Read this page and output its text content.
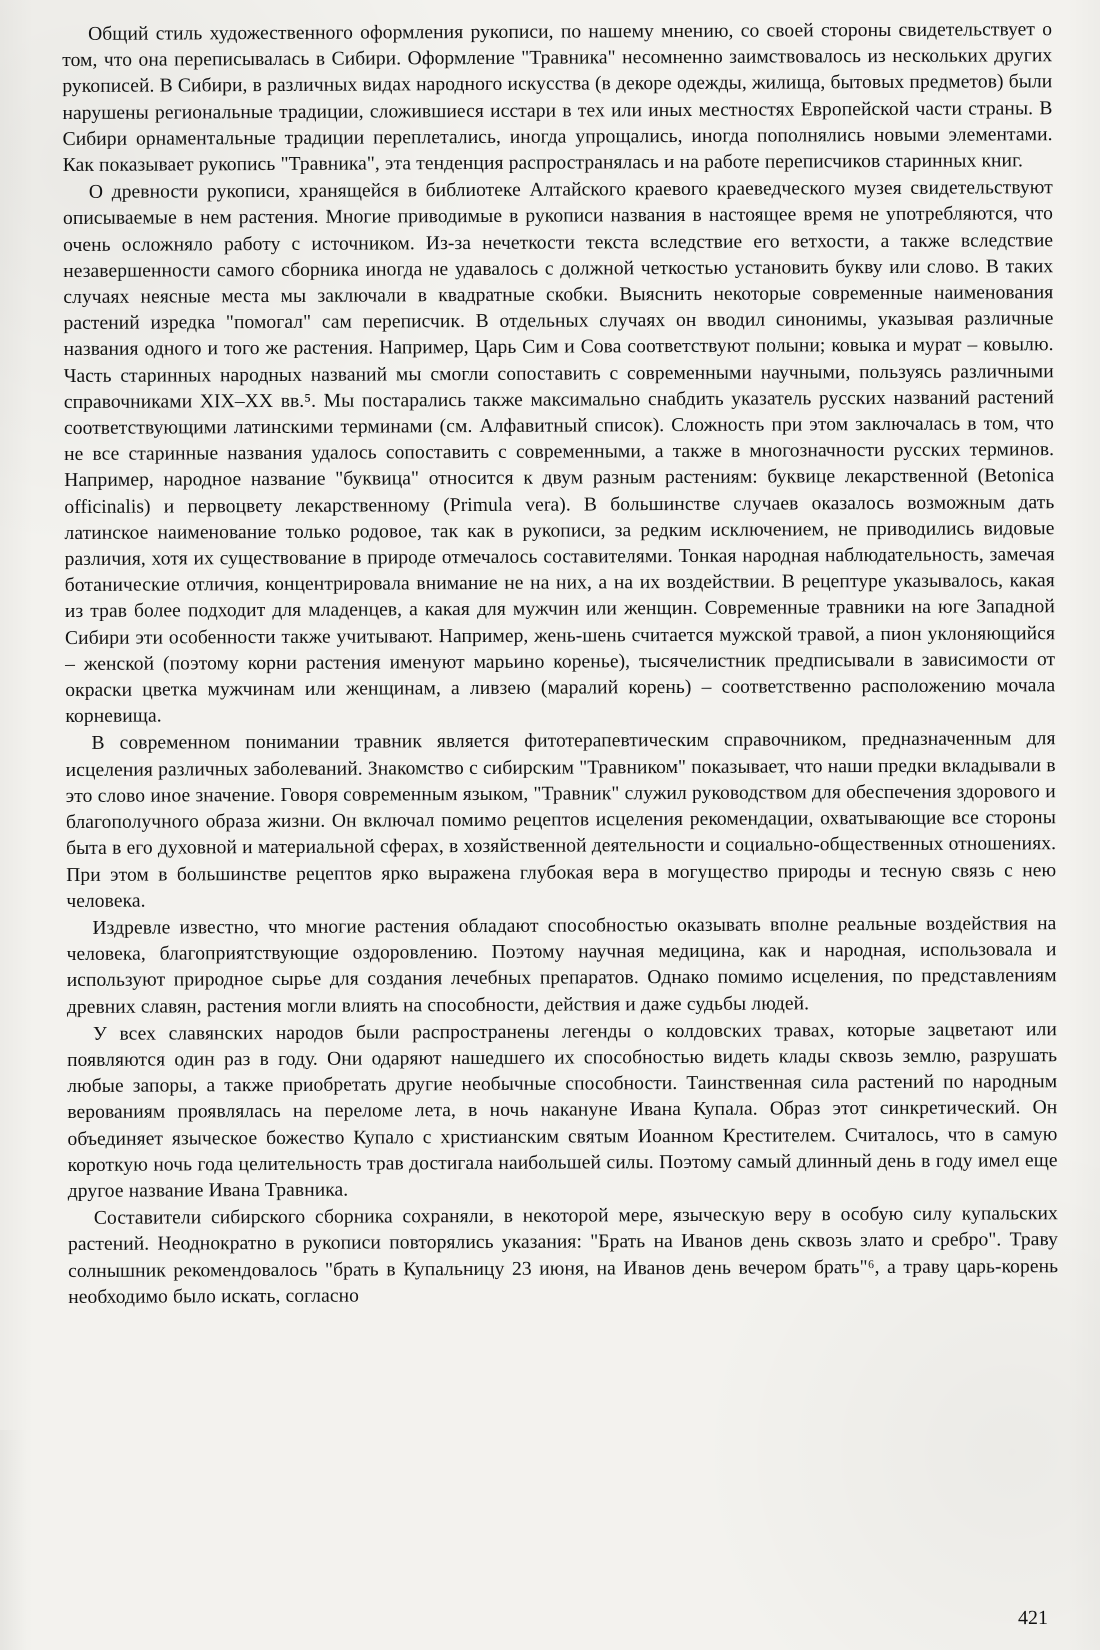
Общий стиль художественного оформления рукописи, по нашему мнению, со своей стороны свидетельствует о том, что она переписывалась в Сибири. Оформление "Травника" несомненно заимствовалось из нескольких других рукописей. В Сибири, в различных видах народного искусства (в декоре одежды, жилища, бытовых предметов) были нарушены региональные традиции, сложившиеся исстари в тех или иных местностях Европейской части страны. В Сибири орнаментальные традиции переплетались, иногда упрощались, иногда пополнялись новыми элементами. Как показывает рукопись "Травника", эта тенденция распространялась и на работе переписчиков старинных книг.

О древности рукописи, хранящейся в библиотеке Алтайского краевого краеведческого музея свидетельствуют описываемые в нем растения. Многие приводимые в рукописи названия в настоящее время не употребляются, что очень осложняло работу с источником. Из-за нечеткости текста вследствие его ветхости, а также вследствие незавершенности самого сборника иногда не удавалось с должной четкостью установить букву или слово. В таких случаях неясные места мы заключали в квадратные скобки. Выяснить некоторые современные наименования растений изредка "помогал" сам переписчик. В отдельных случаях он вводил синонимы, указывая различные названия одного и того же растения. Например, Царь Сим и Сова соответствуют полыни; ковыка и мурат – ковылю. Часть старинных народных названий мы смогли сопоставить с современными научными, пользуясь различными справочниками XIX–XX вв.⁵. Мы постарались также максимально снабдить указатель русских названий растений соответствующими латинскими терминами (см. Алфавитный список). Сложность при этом заключалась в том, что не все старинные названия удалось сопоставить с современными, а также в многозначности русских терминов. Например, народное название "буквица" относится к двум разным растениям: буквице лекарственной (Betonica officinalis) и первоцвету лекарственному (Primula vera). В большинстве случаев оказалось возможным дать латинское наименование только родовое, так как в рукописи, за редким исключением, не приводились видовые различия, хотя их существование в природе отмечалось составителями. Тонкая народная наблюдательность, замечая ботанические отличия, концентрировала внимание не на них, а на их воздействии. В рецептуре указывалось, какая из трав более подходит для младенцев, а какая для мужчин или женщин. Современные травники на юге Западной Сибири эти особенности также учитывают. Например, жень-шень считается мужской травой, а пион уклоняющийся – женской (поэтому корни растения именуют марьино коренье), тысячелистник предписывали в зависимости от окраски цветка мужчинам или женщинам, а ливзею (маралий корень) – соответственно расположению мочала корневища.

В современном понимании травник является фитотерапевтическим справочником, предназначенным для исцеления различных заболеваний. Знакомство с сибирским "Травником" показывает, что наши предки вкладывали в это слово иное значение. Говоря современным языком, "Травник" служил руководством для обеспечения здорового и благополучного образа жизни. Он включал помимо рецептов исцеления рекомендации, охватывающие все стороны быта в его духовной и материальной сферах, в хозяйственной деятельности и социально-общественных отношениях. При этом в большинстве рецептов ярко выражена глубокая вера в могущество природы и тесную связь с нею человека.

Издревле известно, что многие растения обладают способностью оказывать вполне реальные воздействия на человека, благоприятствующие оздоровлению. Поэтому научная медицина, как и народная, использовала и используют природное сырье для создания лечебных препаратов. Однако помимо исцеления, по представлениям древних славян, растения могли влиять на способности, действия и даже судьбы людей.

У всех славянских народов были распространены легенды о колдовских травах, которые зацветают или появляются один раз в году. Они одаряют нашедшего их способностью видеть клады сквозь землю, разрушать любые запоры, а также приобретать другие необычные способности. Таинственная сила растений по народным верованиям проявлялась на переломе лета, в ночь накануне Ивана Купала. Образ этот синкретический. Он объединяет языческое божество Купало с христианским святым Иоанном Крестителем. Считалось, что в самую короткую ночь года целительность трав достигала наибольшей силы. Поэтому самый длинный день в году имел еще другое название Ивана Травника.

Составители сибирского сборника сохраняли, в некоторой мере, языческую веру в особую силу купальских растений. Неоднократно в рукописи повторялись указания: "Брать на Иванов день сквозь злато и сребро". Траву солнышник рекомендовалось "брать в Купальницу 23 июня, на Иванов день вечером брать"⁶, а траву царь-корень необходимо было искать, согласно

421
